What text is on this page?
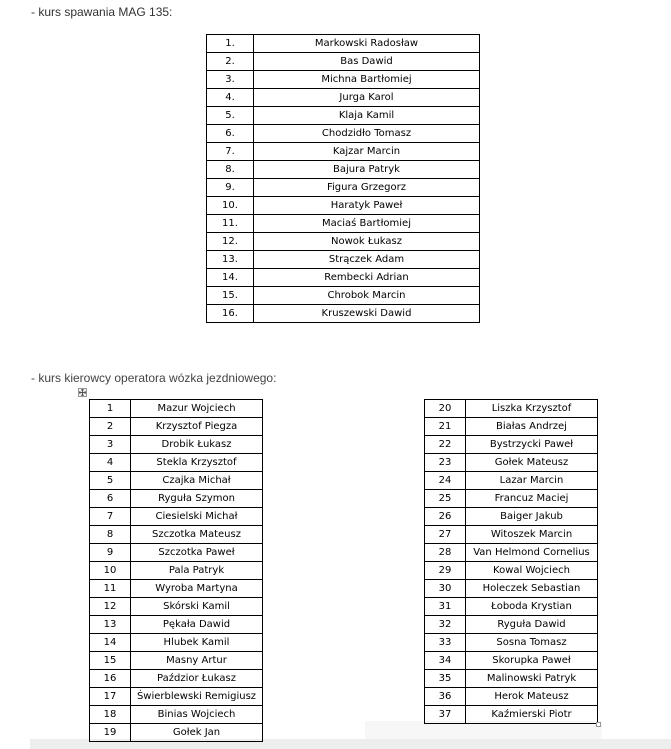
- kurs spawania MAG 135:
1.	Markowski Radosław
2.	Bas Dawid
3.	Michna Bartłomiej
4.	Jurga Karol
5.	Klaja Kamil
6.	Chodzidło Tomasz
7.	Kajzar Marcin
8.	Bajura Patryk
9.	Figura Grzegorz
10.	Haratyk Paweł
11.	Maciaś Bartłomiej
12.	Nowok Łukasz
13.	Strączek Adam
14.	Rembecki Adrian
15.	Chrobok Marcin
16.	Kruszewski Dawid
- kurs kierowcy operatora wózka jezdniowego:
1	Mazur Wojciech
2	Krzysztof Piegza
3	Drobik Łukasz
4	Stekla Krzysztof
5	Czajka Michał
6	Ryguła Szymon
7	Ciesielski Michał
8	Szczotka Mateusz
9	Szczotka Paweł
10	Pala Patryk
11	Wyroba Martyna
12	Skórski Kamil
13	Pękała Dawid
14	Hlubek Kamil
15	Masny Artur
16	Paździor Łukasz
17	Świerblewski Remigiusz
18	Binias Wojciech
19	Gołek Jan
20	Liszka Krzysztof
21	Białas Andrzej
22	Bystrzycki Paweł
23	Gołek Mateusz
24	Lazar Marcin
25	Francuz Maciej
26	Baiger Jakub
27	Witoszek Marcin
28	Van Helmond Cornelius
29	Kowal Wojciech
30	Holeczek Sebastian
31	Łoboda Krystian
32	Ryguła Dawid
33	Sosna Tomasz
34	Skorupka Paweł
35	Malinowski Patryk
36	Herok Mateusz
37	Kaźmierski Piotr
